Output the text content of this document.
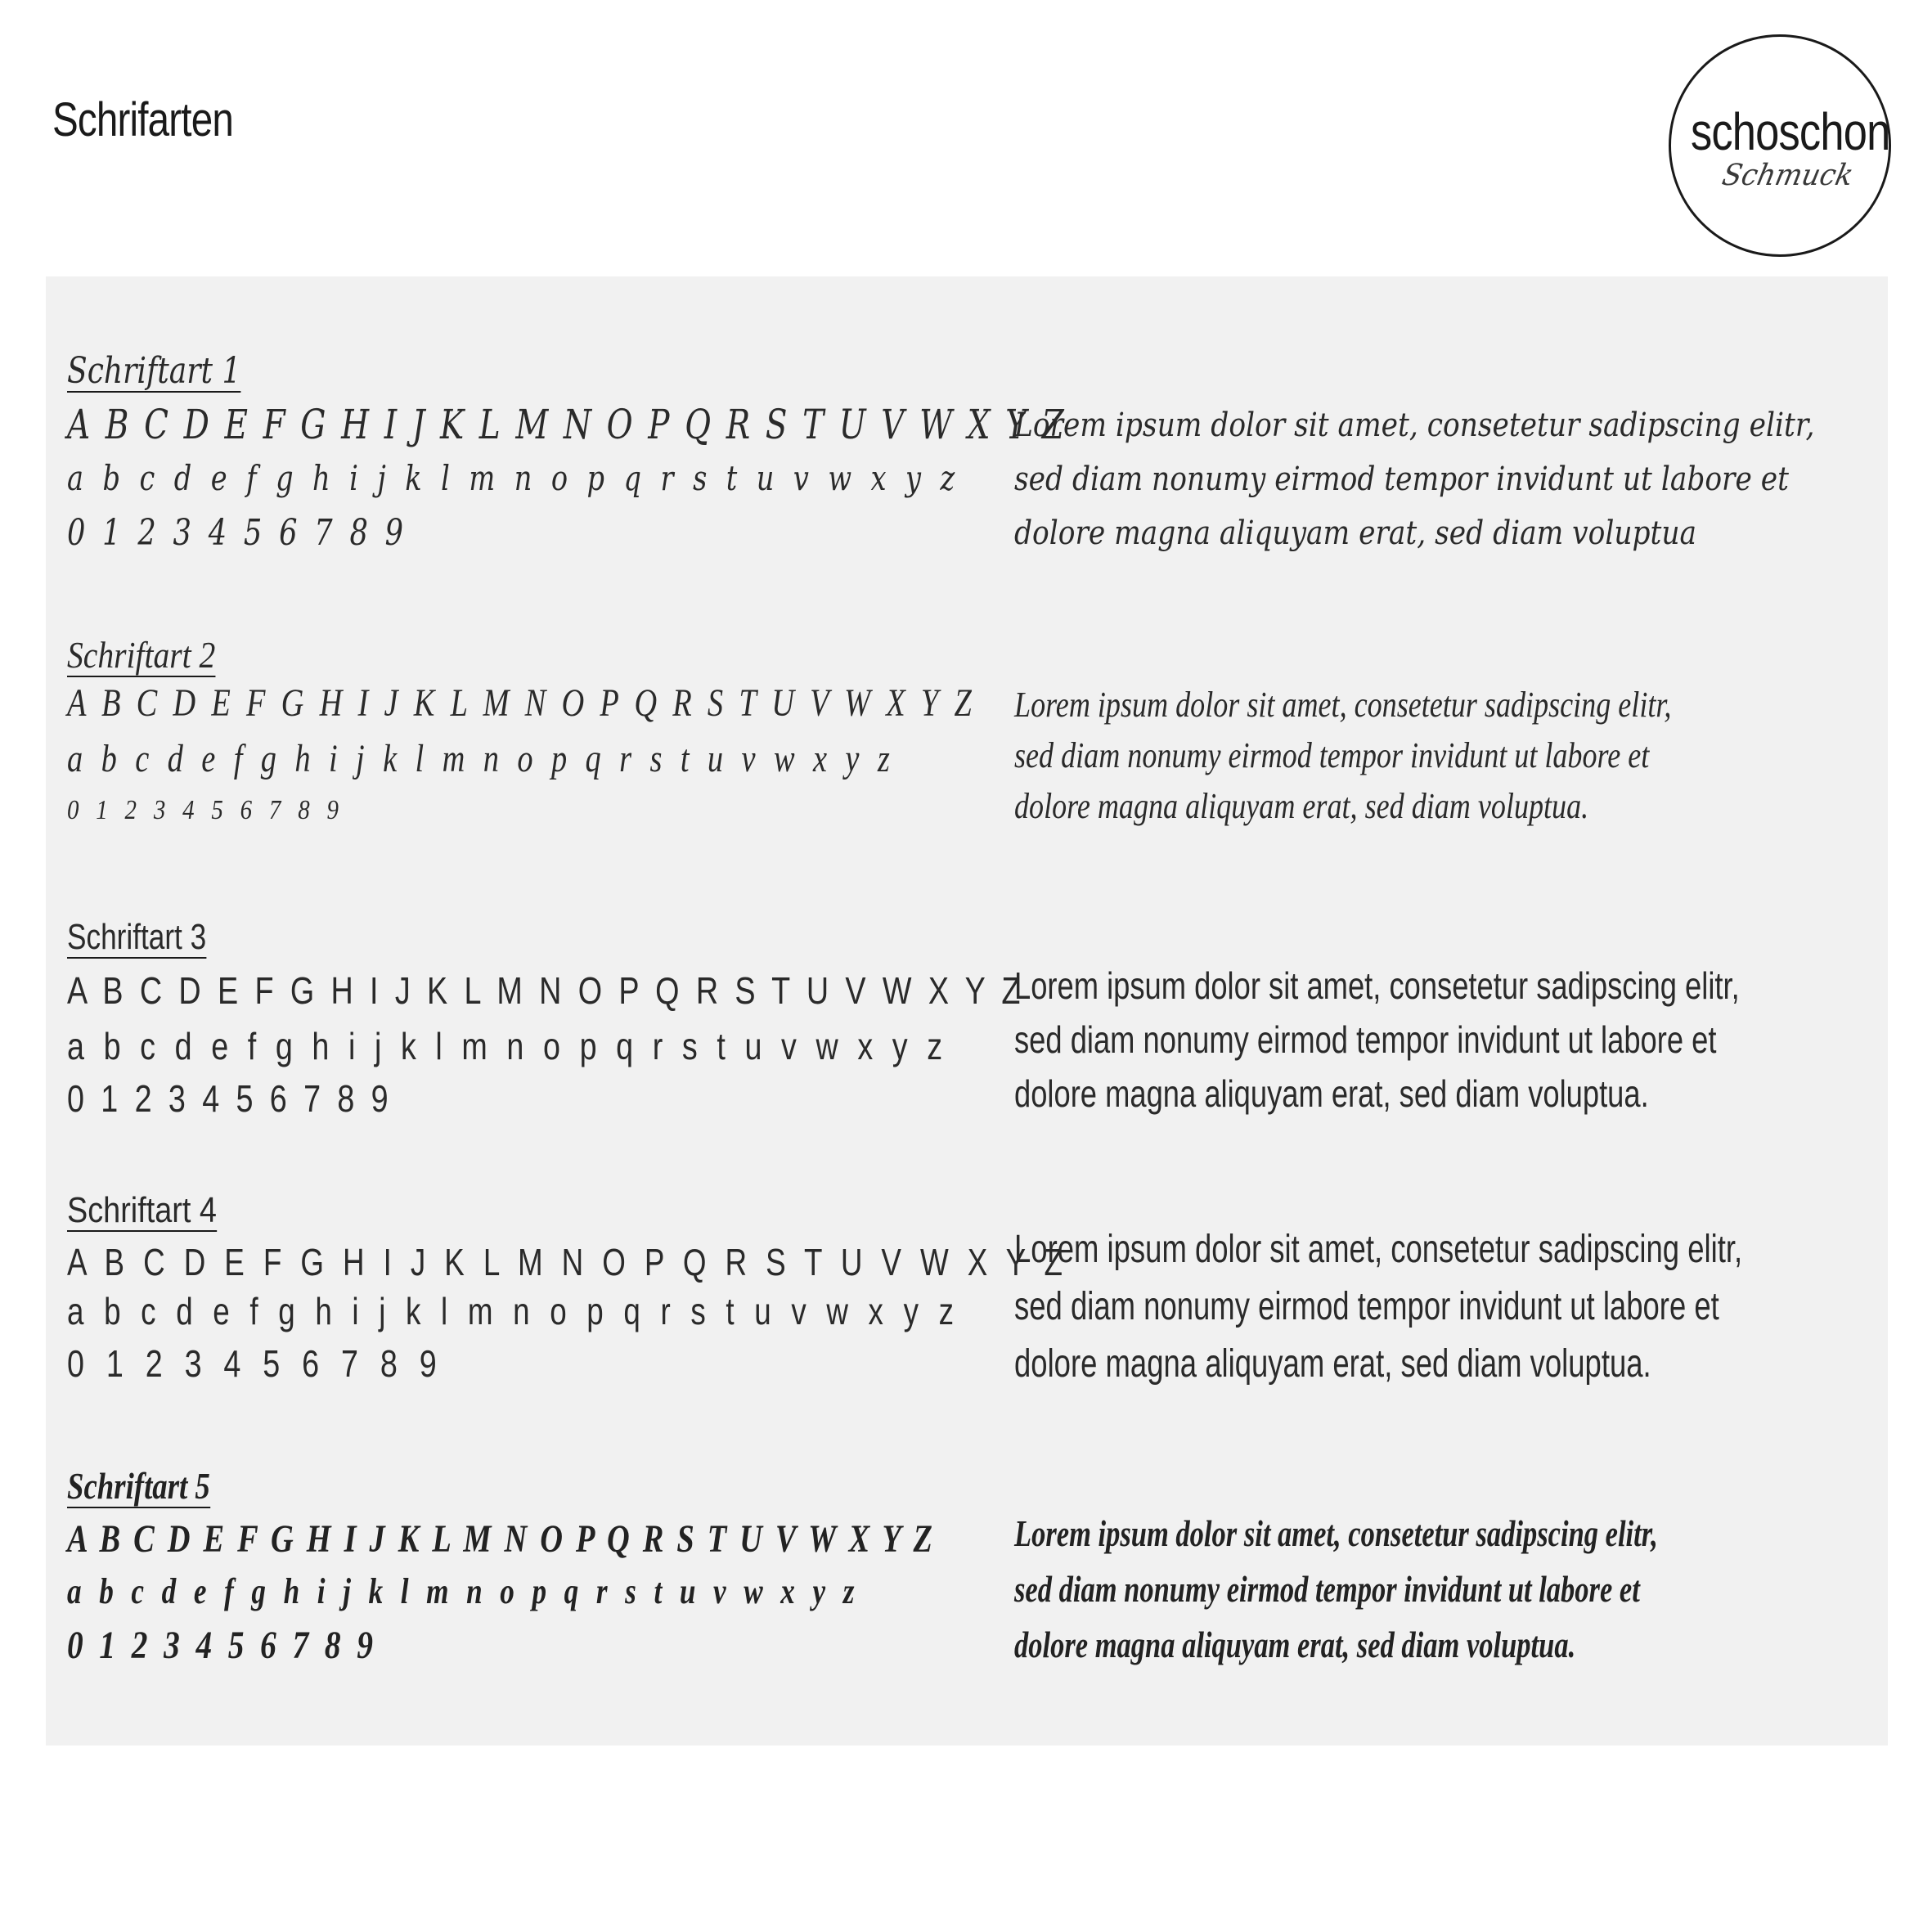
Schrifarten	schoschon
Schmuck
Schriftart 1
A B C D E F G H I J K L M N O P Q R S T U V W X Y Z
a b c d e f g h i j k l m n o p q r s t u v w x y z
0 1 2 3 4 5 6 7 8 9
Lorem ipsum dolor sit amet, consetetur sadipscing elitr,
sed diam nonumy eirmod tempor invidunt ut labore et
dolore magna aliquyam erat, sed diam voluptua
Schriftart 2
A B C D E F G H I J K L M N O P Q R S T U V W X Y Z
a b c d e f g h i j k l m n o p q r s t u v w x y z
0 1 2 3 4 5 6 7 8 9
Lorem ipsum dolor sit amet, consetetur sadipscing elitr,
sed diam nonumy eirmod tempor invidunt ut labore et
dolore magna aliquyam erat, sed diam voluptua.
Schriftart 3
A B C D E F G H I J K L M N O P Q R S T U V W X Y Z
a b c d e f g h i j k l m n o p q r s t u v w x y z
0 1 2 3 4 5 6 7 8 9
Lorem ipsum dolor sit amet, consetetur sadipscing elitr,
sed diam nonumy eirmod tempor invidunt ut labore et
dolore magna aliquyam erat, sed diam voluptua.
Schriftart 4
A B C D E F G H I J K L M N O P Q R S T U V W X Y Z
a b c d e f g h i j k l m n o p q r s t u v w x y z
0 1 2 3 4 5 6 7 8 9
Lorem ipsum dolor sit amet, consetetur sadipscing elitr,
sed diam nonumy eirmod tempor invidunt ut labore et
dolore magna aliquyam erat, sed diam voluptua.
Schriftart 5
A B C D E F G H I J K L M N O P Q R S T U V W X Y Z
a b c d e f g h i j k l m n o p q r s t u v w x y z
0 1 2 3 4 5 6 7 8 9
Lorem ipsum dolor sit amet, consetetur sadipscing elitr,
sed diam nonumy eirmod tempor invidunt ut labore et
dolore magna aliquyam erat, sed diam voluptua.
